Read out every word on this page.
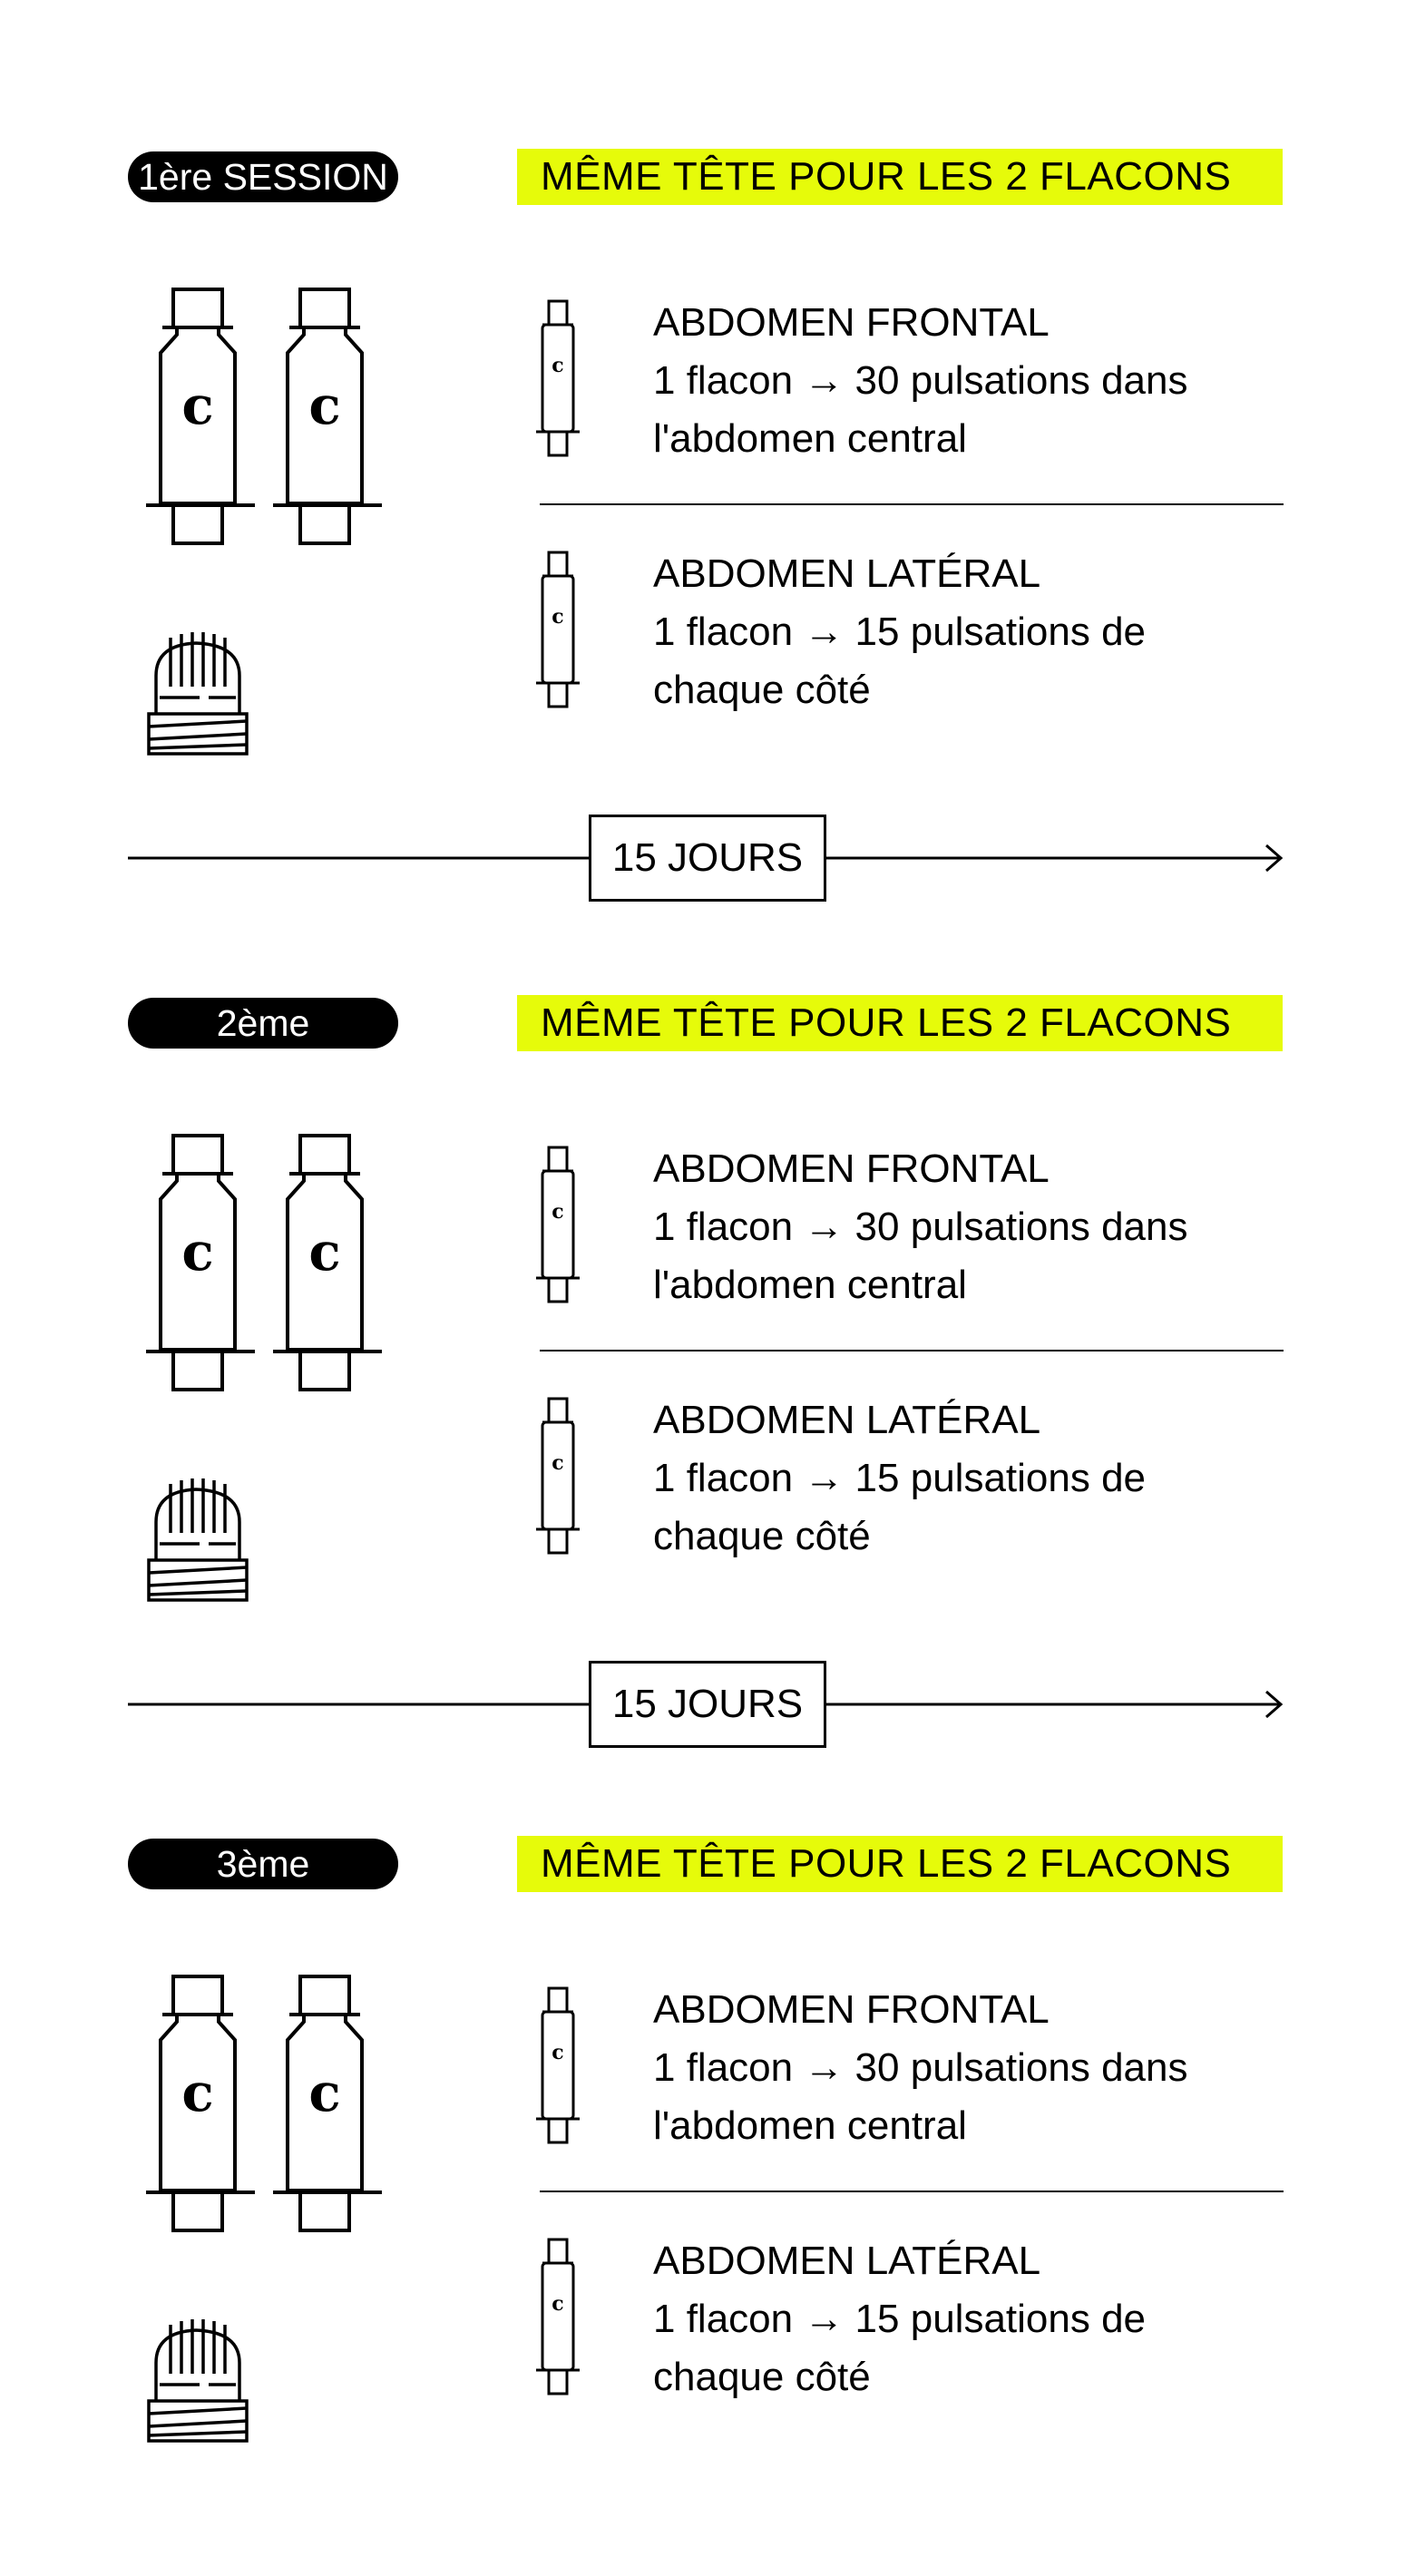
1ère SESSION	MÊME TÊTE POUR LES 2 FLACONS
c c
c
ABDOMEN FRONTAL
1 flacon → 30 pulsations dans
l'abdomen central
c
ABDOMEN LATÉRAL
1 flacon → 15 pulsations de
chaque côté
15 JOURS
2ème	MÊME TÊTE POUR LES 2 FLACONS
c c
c
ABDOMEN FRONTAL
1 flacon → 30 pulsations dans
l'abdomen central
c
ABDOMEN LATÉRAL
1 flacon → 15 pulsations de
chaque côté
15 JOURS
3ème	MÊME TÊTE POUR LES 2 FLACONS
c c
c
ABDOMEN FRONTAL
1 flacon → 30 pulsations dans
l'abdomen central
c
ABDOMEN LATÉRAL
1 flacon → 15 pulsations de
chaque côté
